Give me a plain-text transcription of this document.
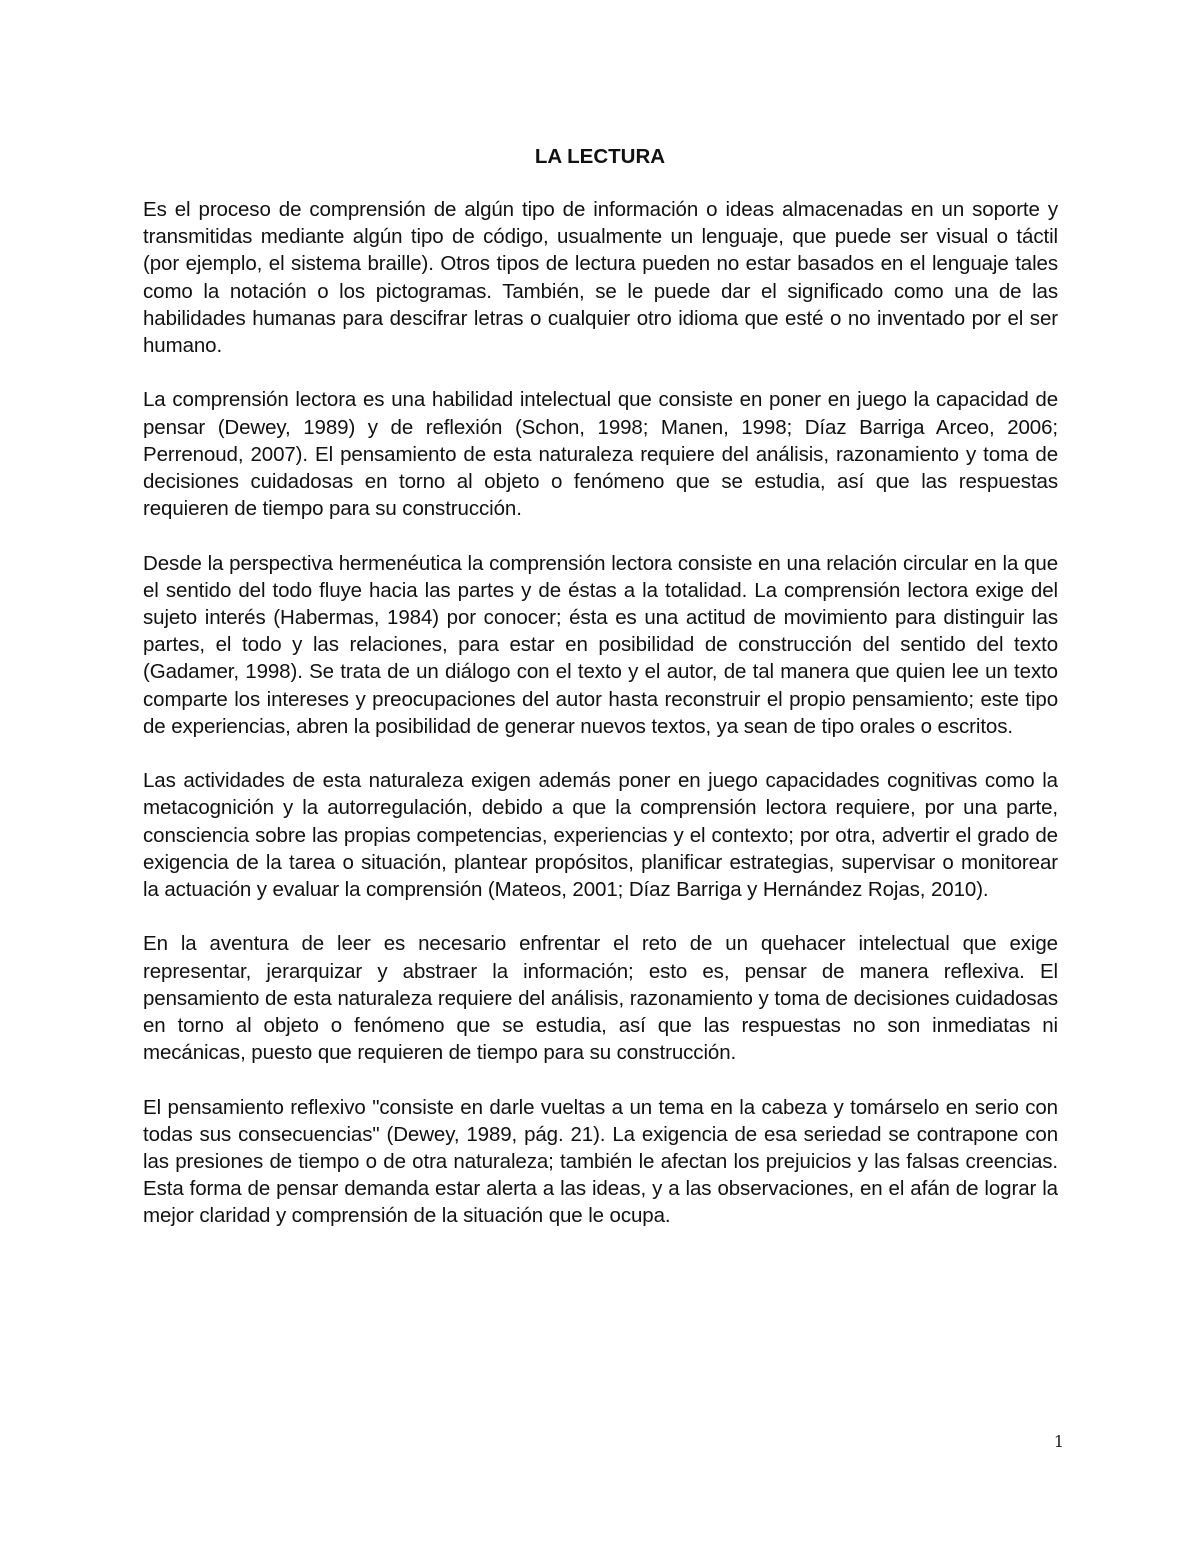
LA LECTURA

Es el proceso de comprensión de algún tipo de información o ideas almacenadas en un soporte y transmitidas mediante algún tipo de código, usualmente un lenguaje, que puede ser visual o táctil (por ejemplo, el sistema braille). Otros tipos de lectura pueden no estar basados en el lenguaje tales como la notación o los pictogramas. También, se le puede dar el significado como una de las habilidades humanas para descifrar letras o cualquier otro idioma que esté o no inventado por el ser humano.

La comprensión lectora es una habilidad intelectual que consiste en poner en juego la capacidad de pensar (Dewey, 1989) y de reflexión (Schon, 1998; Manen, 1998; Díaz Barriga Arceo, 2006; Perrenoud, 2007). El pensamiento de esta naturaleza requiere del análisis, razonamiento y toma de decisiones cuidadosas en torno al objeto o fenómeno que se estudia, así que las respuestas requieren de tiempo para su construcción.

Desde la perspectiva hermenéutica la comprensión lectora consiste en una relación circular en la que el sentido del todo fluye hacia las partes y de éstas a la totalidad. La comprensión lectora exige del sujeto interés (Habermas, 1984) por conocer; ésta es una actitud de movimiento para distinguir las partes, el todo y las relaciones, para estar en posibilidad de construcción del sentido del texto (Gadamer, 1998). Se trata de un diálogo con el texto y el autor, de tal manera que quien lee un texto comparte los intereses y preocupaciones del autor hasta reconstruir el propio pensamiento; este tipo de experiencias, abren la posibilidad de generar nuevos textos, ya sean de tipo orales o escritos.

Las actividades de esta naturaleza exigen además poner en juego capacidades cognitivas como la metacognición y la autorregulación, debido a que la comprensión lectora requiere, por una parte, consciencia sobre las propias competencias, experiencias y el contexto; por otra, advertir el grado de exigencia de la tarea o situación, plantear propósitos, planificar estrategias, supervisar o monitorear la actuación y evaluar la comprensión (Mateos, 2001; Díaz Barriga y Hernández Rojas, 2010).

En la aventura de leer es necesario enfrentar el reto de un quehacer intelectual que exige representar, jerarquizar y abstraer la información; esto es, pensar de manera reflexiva. El pensamiento de esta naturaleza requiere del análisis, razonamiento y toma de decisiones cuidadosas en torno al objeto o fenómeno que se estudia, así que las respuestas no son inmediatas ni mecánicas, puesto que requieren de tiempo para su construcción.

El pensamiento reflexivo "consiste en darle vueltas a un tema en la cabeza y tomárselo en serio con todas sus consecuencias" (Dewey, 1989, pág. 21). La exigencia de esa seriedad se contrapone con las presiones de tiempo o de otra naturaleza; también le afectan los prejuicios y las falsas creencias. Esta forma de pensar demanda estar alerta a las ideas, y a las observaciones, en el afán de lograr la mejor claridad y comprensión de la situación que le ocupa.

1
